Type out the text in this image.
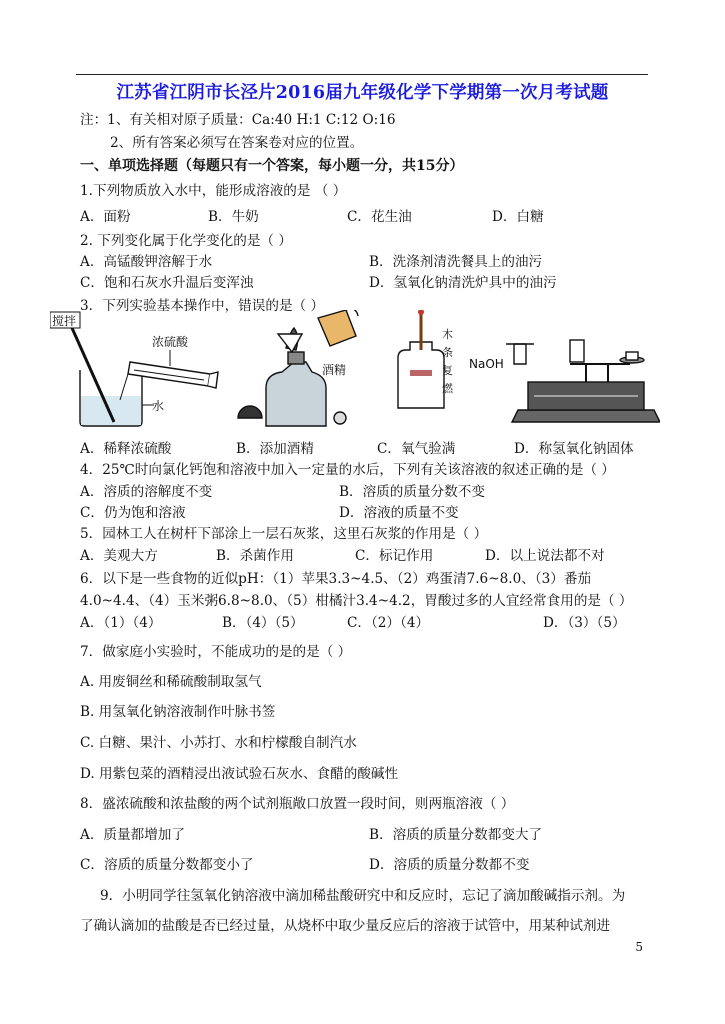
江苏省江阴市长泾片2016届九年级化学下学期第一次月考试题
注：1、有关相对原子质量：Ca:40 H:1 C:12 O:16
2、所有答案必须写在答案卷对应的位置。
一、单项选择题（每题只有一个答案，每小题一分，共15分）
1.下列物质放入水中，能形成溶液的是 （ ）
A．面粉	B．牛奶	C．花生油	D．白糖
2. 下列变化属于化学变化的是（ ）
A．高锰酸钾溶解于水	B．洗涤剂清洗餐具上的油污
C．饱和石灰水升温后变浑浊	D．氢氧化钠清洗炉具中的油污
3．下列实验基本操作中，错误的是（ ）
搅拌
浓硫酸
水
酒精
木
条
复
燃
NaOH
A．稀释浓硫酸	B．添加酒精	C．氧气验满	D．称氢氧化钠固体
4．25℃时向氯化钙饱和溶液中加入一定量的水后，下列有关该溶液的叙述正确的是（ ）
A．溶质的溶解度不变	B．溶质的质量分数不变
C．仍为饱和溶液	D．溶液的质量不变
5．园林工人在树杆下部涂上一层石灰浆，这里石灰浆的作用是（ ）
A．美观大方	B．杀菌作用	C．标记作用	D．以上说法都不对
6．以下是一些食物的近似pH：（1）苹果3.3~4.5、（2）鸡蛋清7.6~8.0、（3）番茄
4.0~4.4、（4）玉米粥6.8~8.0、（5）柑橘汁3.4~4.2，胃酸过多的人宜经常食用的是（ ）
A．（1）（4）	B．（4）（5）	C．（2）（4）	D．（3）（5）
7．做家庭小实验时，不能成功的是的是（ ）
A. 用废铜丝和稀硫酸制取氢气
B. 用氢氧化钠溶液制作叶脉书签
C. 白糖、果汁、小苏打、水和柠檬酸自制汽水
D. 用紫包菜的酒精浸出液试验石灰水、食醋的酸碱性
8．盛浓硫酸和浓盐酸的两个试剂瓶敞口放置一段时间，则两瓶溶液（ ）
A．质量都增加了	B．溶质的质量分数都变大了
C．溶质的质量分数都变小了	D．溶质的质量分数都不变
9．小明同学往氢氧化钠溶液中滴加稀盐酸研究中和反应时，忘记了滴加酸碱指示剂。为
了确认滴加的盐酸是否已经过量，从烧杯中取少量反应后的溶液于试管中，用某种试剂进
5
